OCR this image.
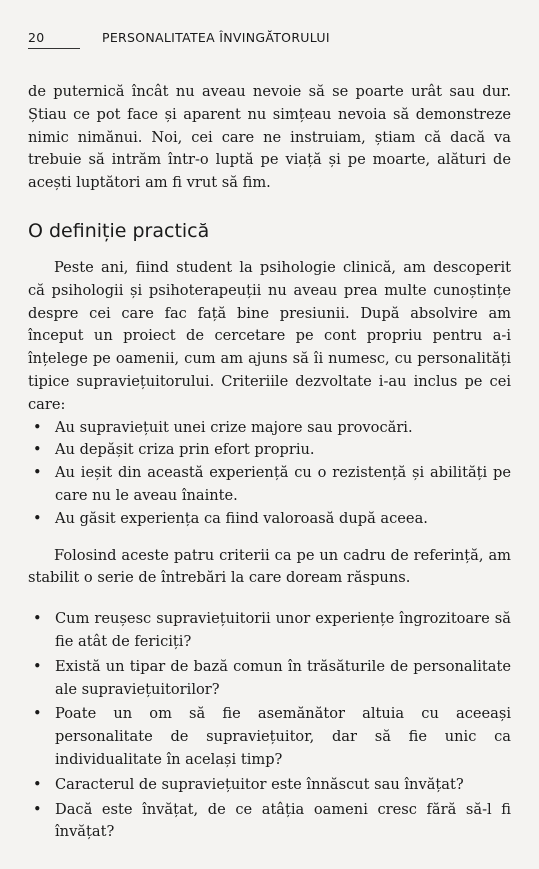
20	PERSONALITATEA ÎNVINGĂTORULUI

de puternică încât nu aveau nevoie să se poarte urât sau dur. Știau ce pot face și aparent nu simțeau nevoia să demonstreze nimic nimănui. Noi, cei care ne instruiam, știam că dacă va trebuie să intrăm într-o luptă pe viață și pe moarte, alături de acești luptători am fi vrut să fim.

O definiție practică

Peste ani, fiind student la psihologie clinică, am descoperit că psihologii și psihoterapeuții nu aveau prea multe cunoștințe despre cei care fac față bine presiunii. După absolvire am început un proiect de cercetare pe cont propriu pentru a-i înțelege pe oamenii, cum am ajuns să îi numesc, cu personalități tipice supraviețuitorului. Criteriile dezvoltate i-au inclus pe cei care:

• Au supraviețuit unei crize majore sau provocări.
• Au depășit criza prin efort propriu.
• Au ieșit din această experiență cu o rezistență și abilități pe care nu le aveau înainte.
• Au găsit experiența ca fiind valoroasă după aceea.

Folosind aceste patru criterii ca pe un cadru de referință, am stabilit o serie de întrebări la care doream răspuns.

• Cum reușesc supraviețuitorii unor experiențe îngrozitoare să fie atât de fericiți?
• Există un tipar de bază comun în trăsăturile de personalitate ale supraviețuitorilor?
• Poate un om să fie asemănător altuia cu aceeași personalitate de supraviețuitor, dar să fie unic ca individualitate în același timp?
• Caracterul de supraviețuitor este înnăscut sau învățat?
• Dacă este învățat, de ce atâția oameni cresc fără să-l fi învățat?
